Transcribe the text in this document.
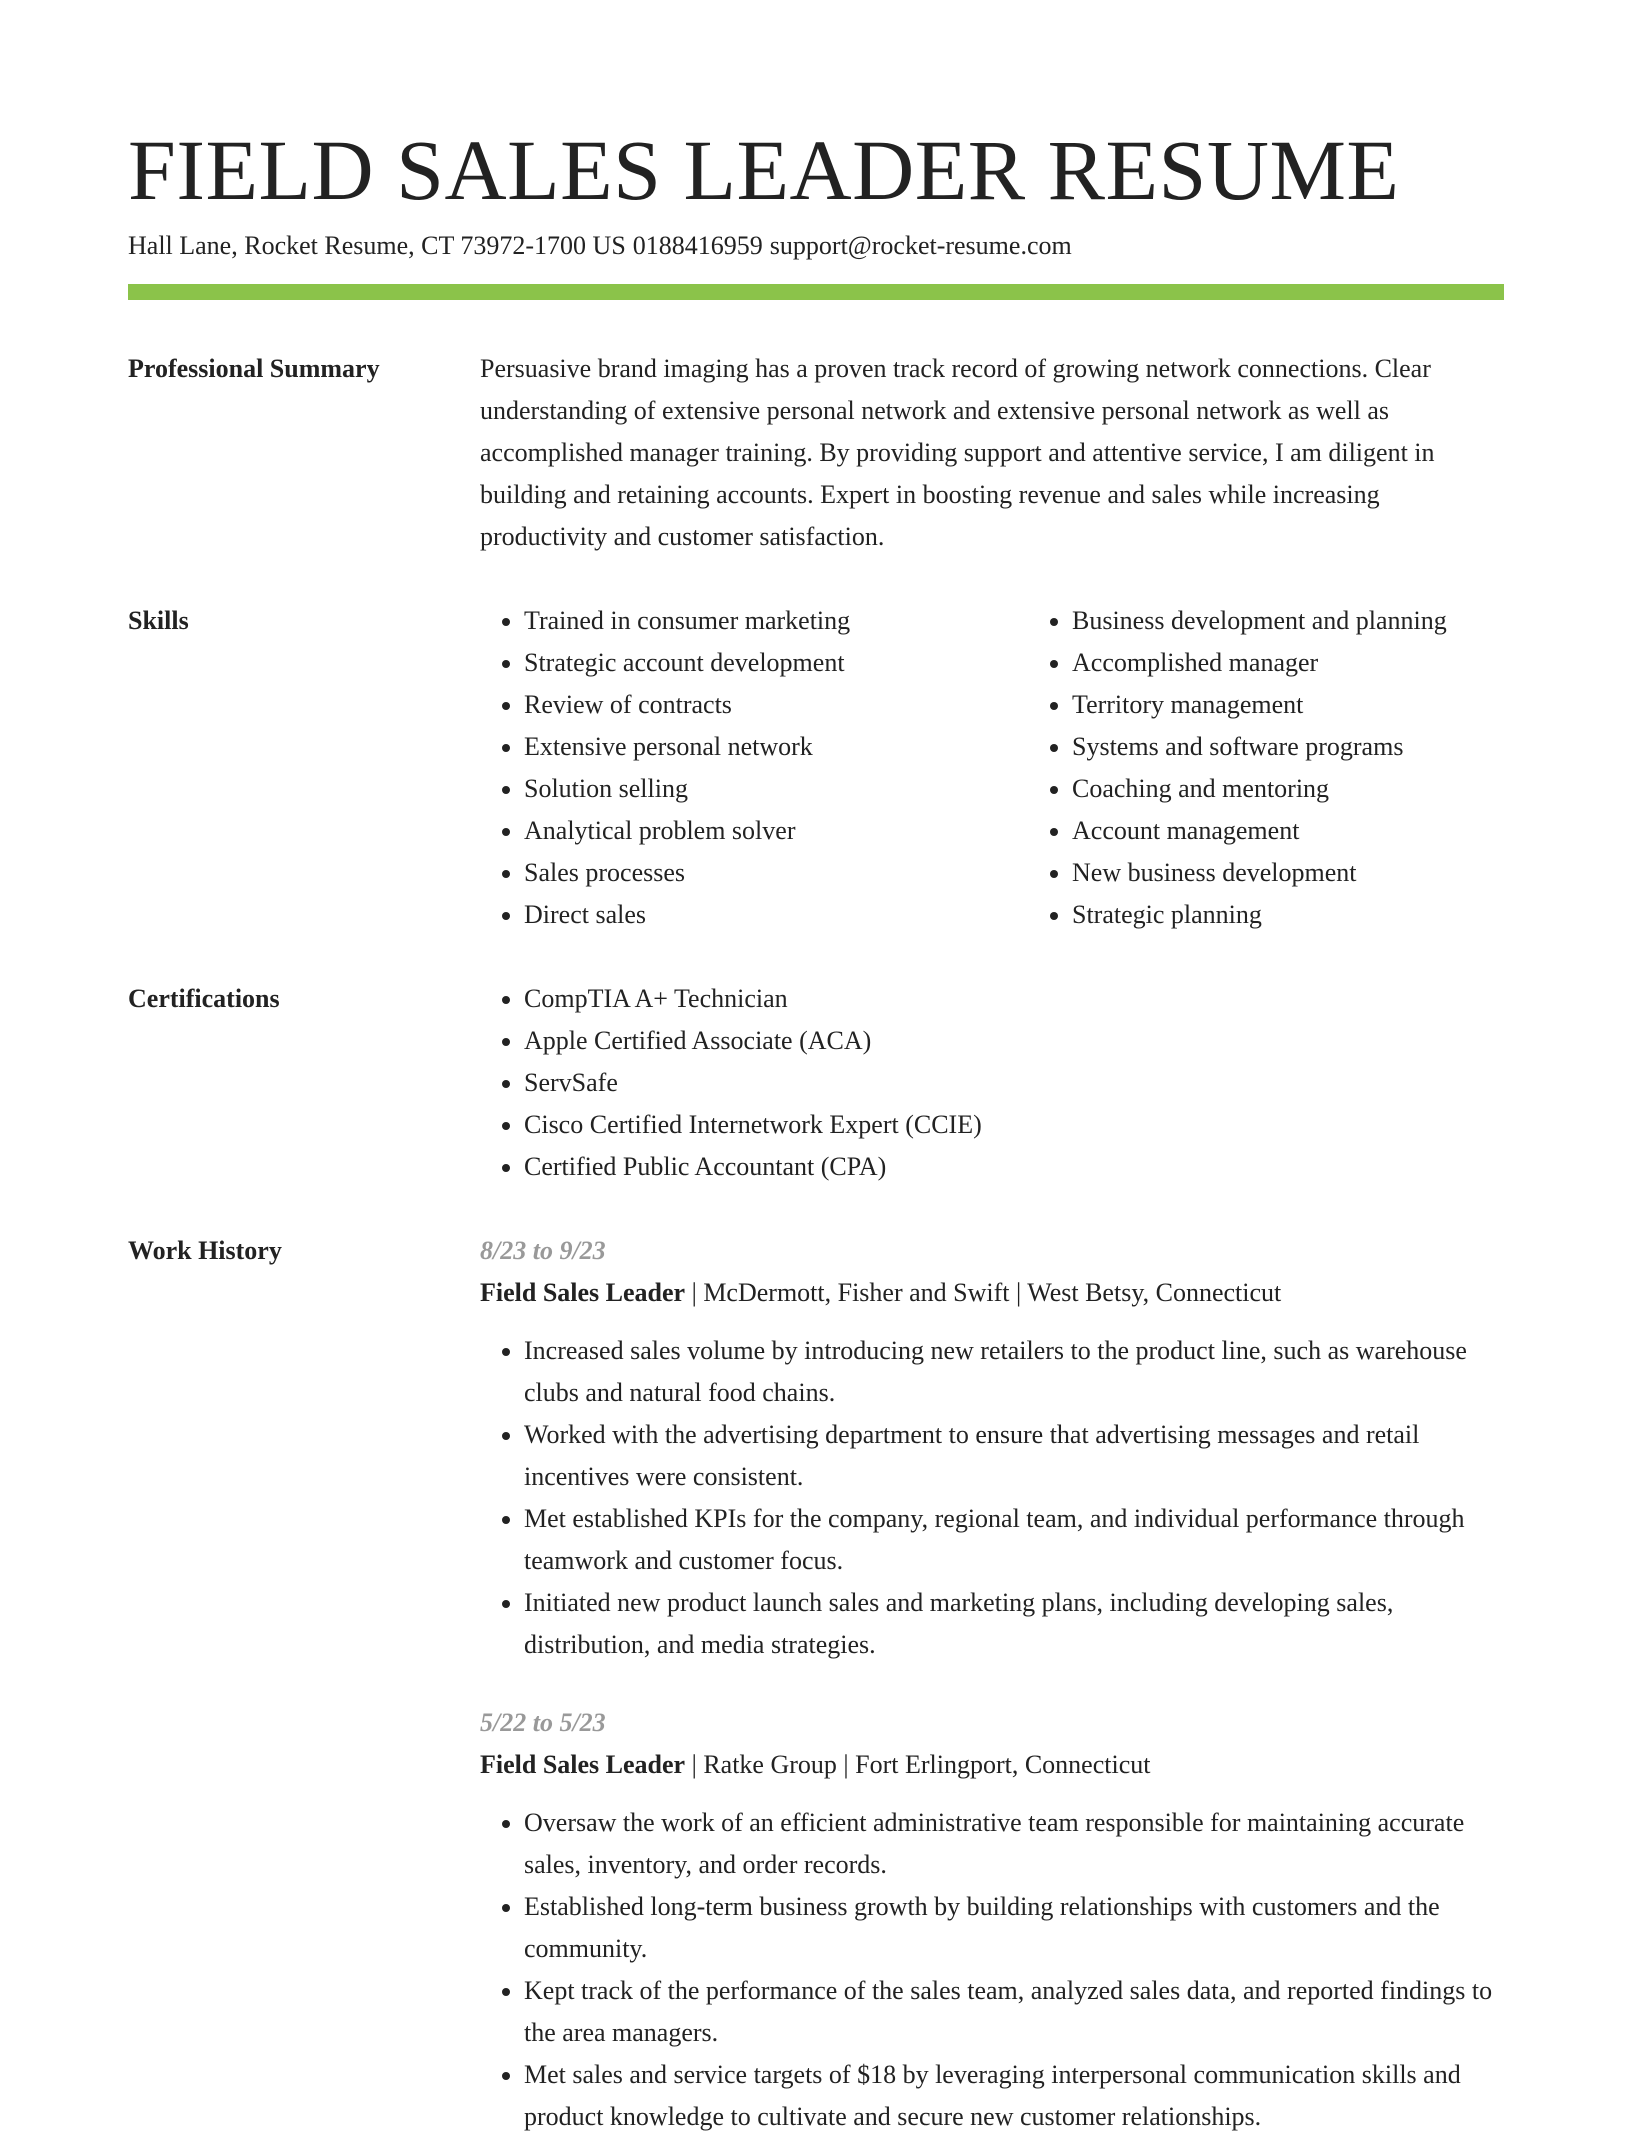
FIELD SALES LEADER RESUME
Hall Lane, Rocket Resume, CT 73972-1700 US 0188416959 support@rocket-resume.com
Professional Summary	Persuasive brand imaging has a proven track record of growing network connections. Clear understanding of extensive personal network and extensive personal network as well as accomplished manager training. By providing support and attentive service, I am diligent in building and retaining accounts. Expert in boosting revenue and sales while increasing productivity and customer satisfaction.

Skills	• Trained in consumer marketing
• Strategic account development
• Review of contracts
• Extensive personal network
• Solution selling
• Analytical problem solver
• Sales processes
• Direct sales
• Business development and planning
• Accomplished manager
• Territory management
• Systems and software programs
• Coaching and mentoring
• Account management
• New business development
• Strategic planning
Certifications	• CompTIA A+ Technician
• Apple Certified Associate (ACA)
• ServSafe
• Cisco Certified Internetwork Expert (CCIE)
• Certified Public Accountant (CPA)
Work History	8/23 to 9/23
Field Sales Leader | McDermott, Fisher and Swift | West Betsy, Connecticut
• Increased sales volume by introducing new retailers to the product line, such as warehouse clubs and natural food chains.
• Worked with the advertising department to ensure that advertising messages and retail incentives were consistent.
• Met established KPIs for the company, regional team, and individual performance through teamwork and customer focus.
• Initiated new product launch sales and marketing plans, including developing sales, distribution, and media strategies.
5/22 to 5/23
Field Sales Leader | Ratke Group | Fort Erlingport, Connecticut
• Oversaw the work of an efficient administrative team responsible for maintaining accurate sales, inventory, and order records.
• Established long-term business growth by building relationships with customers and the community.
• Kept track of the performance of the sales team, analyzed sales data, and reported findings to the area managers.
• Met sales and service targets of $18 by leveraging interpersonal communication skills and product knowledge to cultivate and secure new customer relationships.
